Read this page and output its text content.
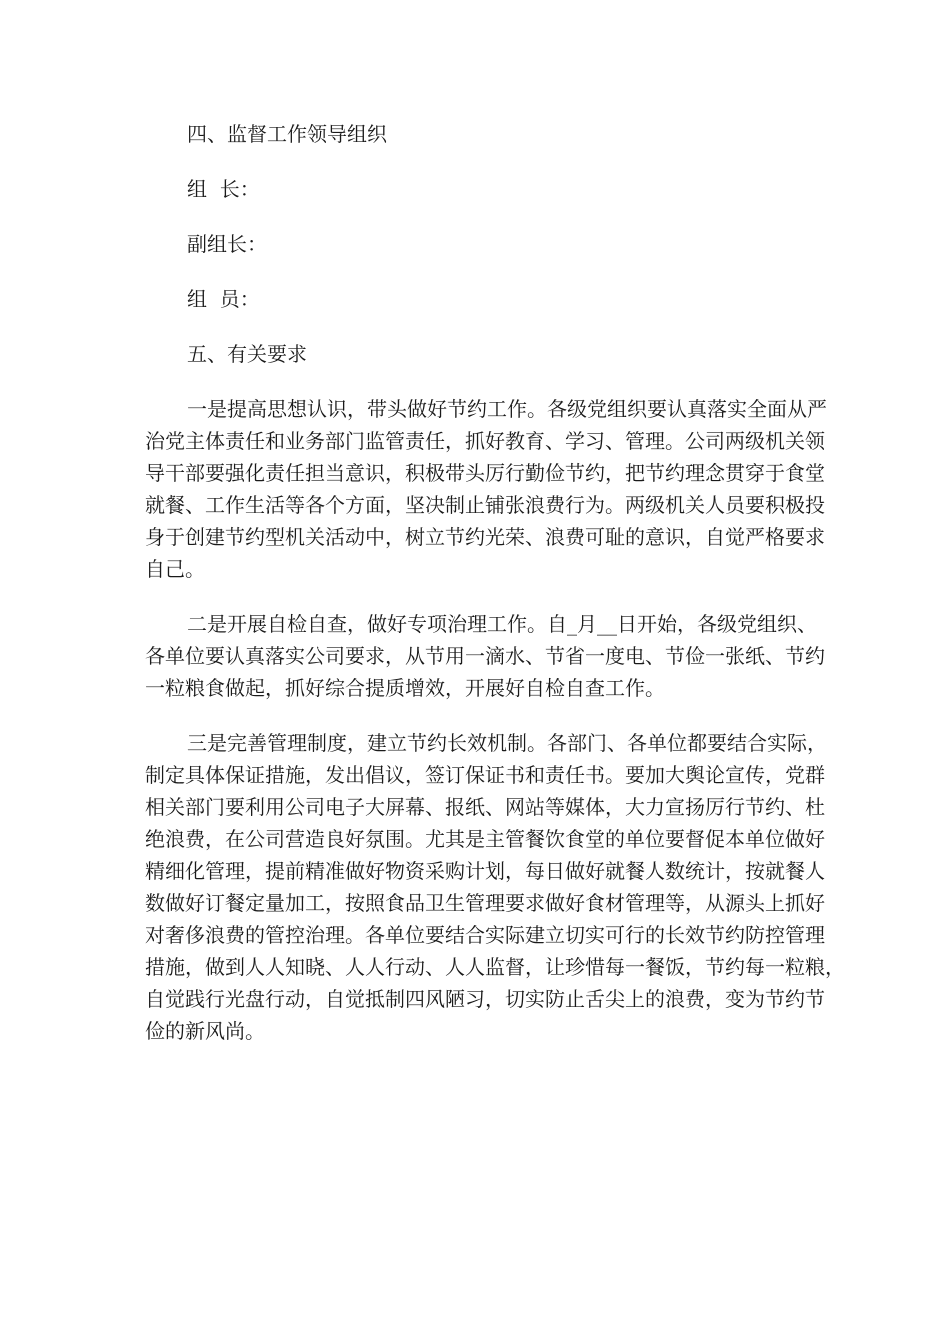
四、监督工作领导组织

组  长：

副组长：

组  员：

五、有关要求

一是提高思想认识，带头做好节约工作。各级党组织要认真落实全面从严
治党主体责任和业务部门监管责任，抓好教育、学习、管理。公司两级机关领
导干部要强化责任担当意识，积极带头厉行勤俭节约，把节约理念贯穿于食堂
就餐、工作生活等各个方面，坚决制止铺张浪费行为。两级机关人员要积极投
身于创建节约型机关活动中，树立节约光荣、浪费可耻的意识，自觉严格要求
自己。
二是开展自检自查，做好专项治理工作。自_月__日开始，各级党组织、
各单位要认真落实公司要求，从节用一滴水、节省一度电、节俭一张纸、节约
一粒粮食做起，抓好综合提质增效，开展好自检自查工作。
三是完善管理制度，建立节约长效机制。各部门、各单位都要结合实际，
制定具体保证措施，发出倡议，签订保证书和责任书。要加大舆论宣传，党群
相关部门要利用公司电子大屏幕、报纸、网站等媒体，大力宣扬厉行节约、杜
绝浪费，在公司营造良好氛围。尤其是主管餐饮食堂的单位要督促本单位做好
精细化管理，提前精准做好物资采购计划，每日做好就餐人数统计，按就餐人
数做好订餐定量加工，按照食品卫生管理要求做好食材管理等，从源头上抓好
对奢侈浪费的管控治理。各单位要结合实际建立切实可行的长效节约防控管理
措施，做到人人知晓、人人行动、人人监督，让珍惜每一餐饭，节约每一粒粮，
自觉践行光盘行动，自觉抵制四风陋习，切实防止舌尖上的浪费，变为节约节
俭的新风尚。
